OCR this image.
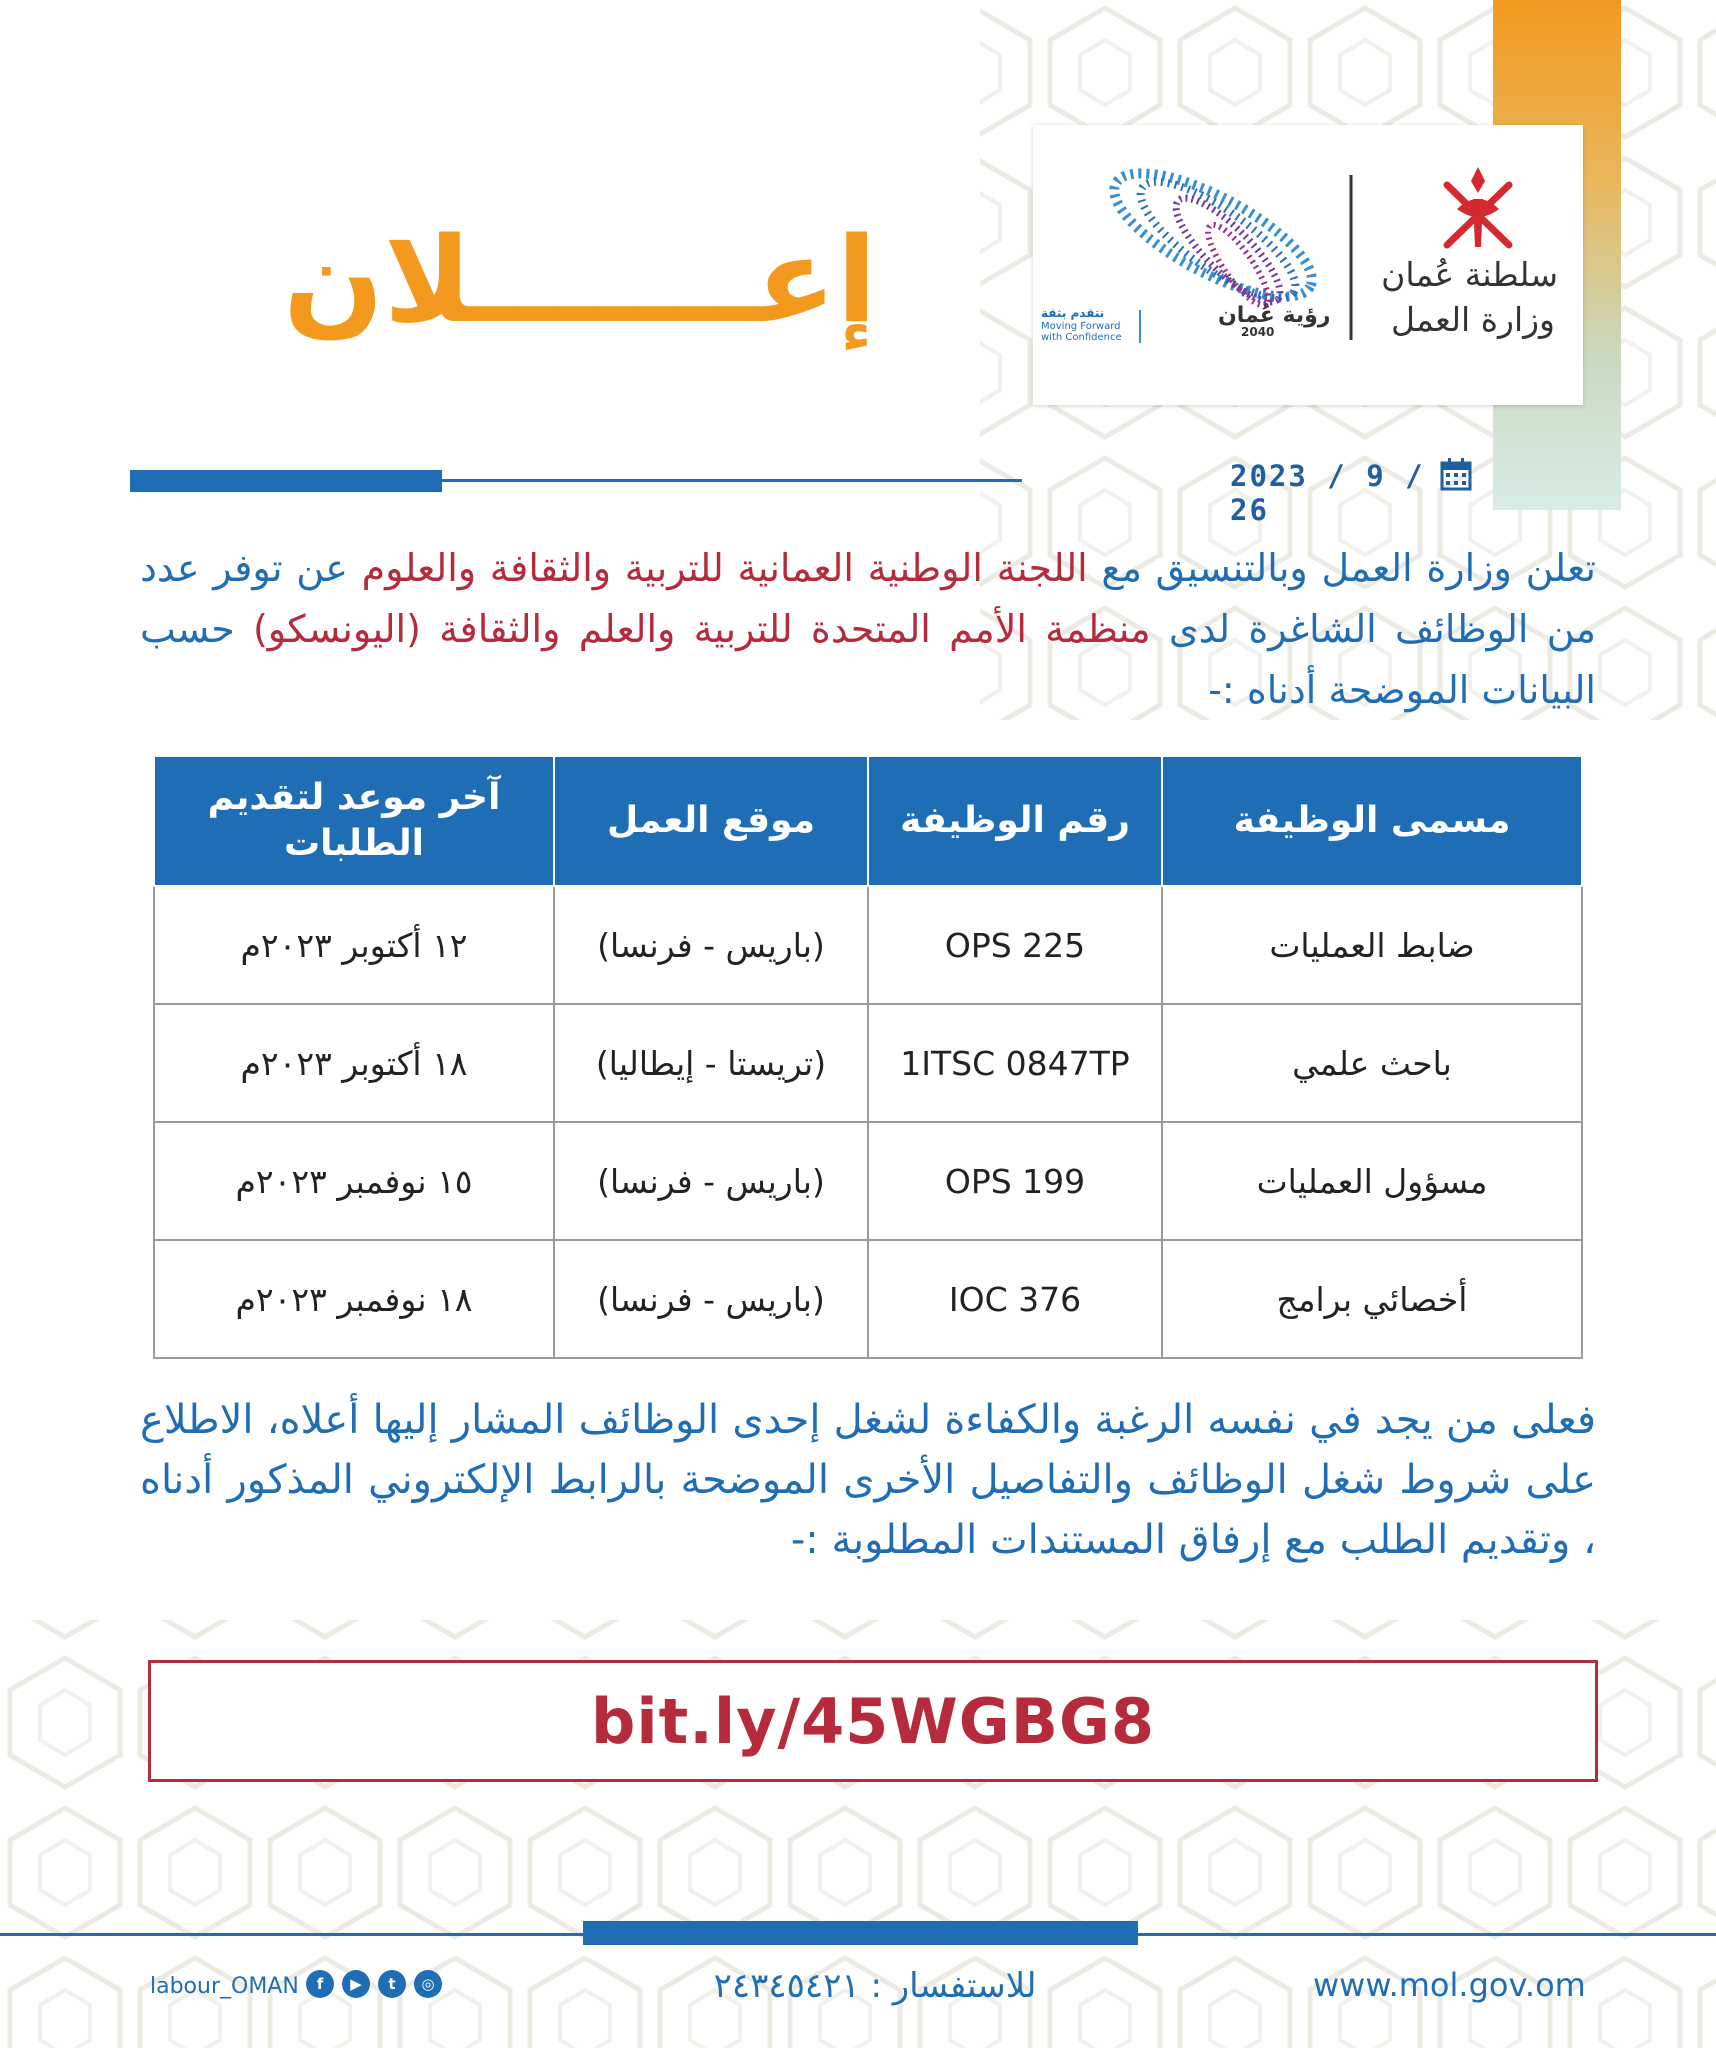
رؤية عُمان
2040
نتقدم بثقة
Moving Forward
with Confidence
سلطنة عُمان
وزارة العمل
إعـــــــلان
2023 / 9 / 26
تعلن وزارة العمل وبالتنسيق مع اللجنة الوطنية العمانية للتربية والثقافة والعلوم عن توفر عدد من الوظائف الشاغرة لدى منظمة الأمم المتحدة للتربية والعلم والثقافة (اليونسكو) حسب البيانات الموضحة أدناه :-
مسمى الوظيفة	رقم الوظيفة	موقع العمل	آخر موعد لتقديم الطلبات
ضابط العمليات	OPS 225	(باريس - فرنسا)	١٢ أكتوبر ٢٠٢٣م
باحث علمي	1ITSC 0847TP	(تريستا - إيطاليا)	١٨ أكتوبر ٢٠٢٣م
مسؤول العمليات	OPS 199	(باريس - فرنسا)	١٥ نوفمبر ٢٠٢٣م
أخصائي برامج	IOC 376	(باريس - فرنسا)	١٨ نوفمبر ٢٠٢٣م
فعلى من يجد في نفسه الرغبة والكفاءة لشغل إحدى الوظائف المشار إليها أعلاه، الاطلاع على شروط شغل الوظائف والتفاصيل الأخرى الموضحة بالرابط الإلكتروني المذكور أدناه ، وتقديم الطلب مع إرفاق المستندات المطلوبة :-
bit.ly/45WGBG8
labour_OMAN	f	▶	t	◎	للاستفسار : ٢٤٣٤٥٤٢١	www.mol.gov.om
